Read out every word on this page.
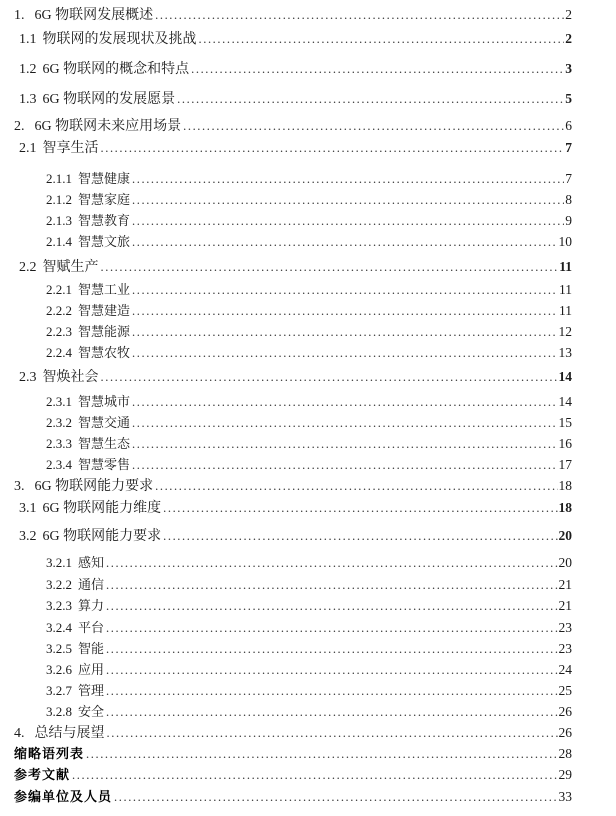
1. 6G 物联网发展概述 .....	2
1.1 物联网的发展现状及挑战 .....	2
1.2 6G 物联网的概念和特点 .....	3
1.3 6G 物联网的发展愿景 .....	5
2. 6G 物联网未来应用场景 .....	6
2.1 智享生活 .....	7
2.1.1 智慧健康 .....	7
2.1.2 智慧家庭 .....	8
2.1.3 智慧教育 .....	9
2.1.4 智慧文旅 .....	10
2.2 智赋生产 .....	11
2.2.1 智慧工业 .....	11
2.2.2 智慧建造 .....	11
2.2.3 智慧能源 .....	12
2.2.4 智慧农牧 .....	13
2.3 智焕社会 .....	14
2.3.1 智慧城市 .....	14
2.3.2 智慧交通 .....	15
2.3.3 智慧生态 .....	16
2.3.4 智慧零售 .....	17
3. 6G 物联网能力要求 .....	18
3.1 6G 物联网能力维度 .....	18
3.2 6G 物联网能力要求 .....	20
3.2.1 感知 .....	20
3.2.2 通信 .....	21
3.2.3 算力 .....	21
3.2.4 平台 .....	23
3.2.5 智能 .....	23
3.2.6 应用 .....	24
3.2.7 管理 .....	25
3.2.8 安全 .....	26
4. 总结与展望 .....	26
缩略语列表 .....	28
参考文献 .....	29
参编单位及人员 .....	33
